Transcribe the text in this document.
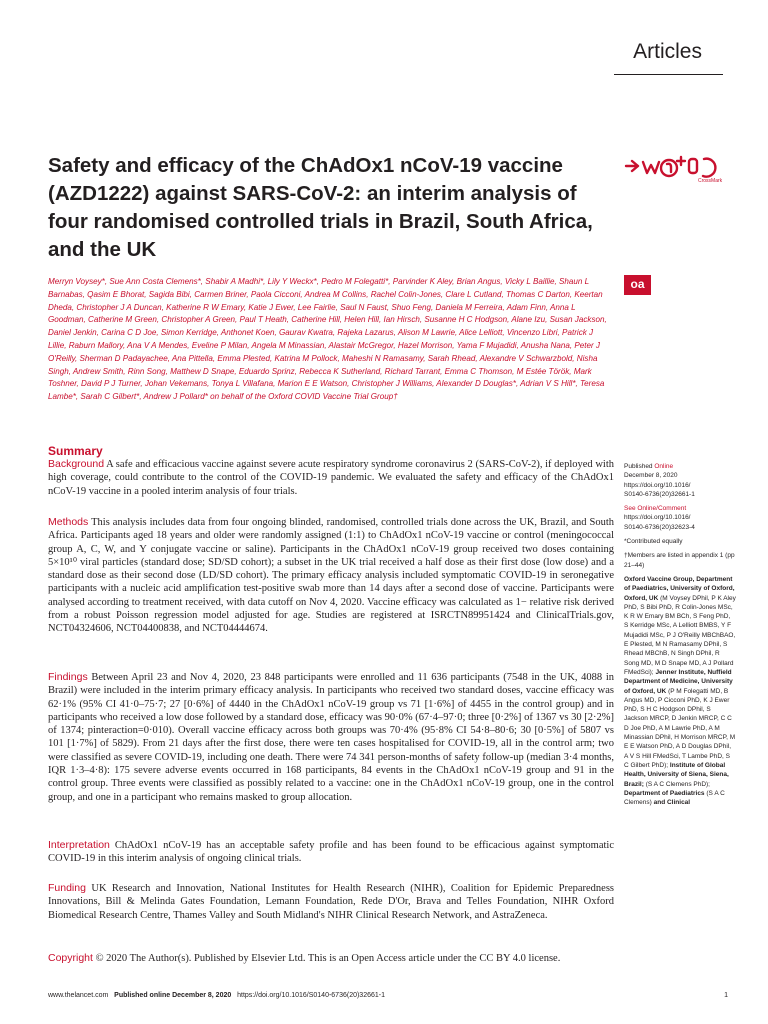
Articles
Safety and efficacy of the ChAdOx1 nCoV-19 vaccine (AZD1222) against SARS-CoV-2: an interim analysis of four randomised controlled trials in Brazil, South Africa, and the UK
CrossMark
oa

Merryn Voysey*, Sue Ann Costa Clemens*, Shabir A Madhi*, Lily Y Weckx*, Pedro M Folegatti*, Parvinder K Aley, Brian Angus, Vicky L Baillie, Shaun L Barnabas, Qasim E Bhorat, Sagida Bibi, Carmen Briner, Paola Cicconi, Andrea M Collins, Rachel Colin-Jones, Clare L Cutland, Thomas C Darton, Keertan Dheda, Christopher J A Duncan, Katherine R W Emary, Katie J Ewer, Lee Fairlie, Saul N Faust, Shuo Feng, Daniela M Ferreira, Adam Finn, Anna L Goodman, Catherine M Green, Christopher A Green, Paul T Heath, Catherine Hill, Helen Hill, Ian Hirsch, Susanne H C Hodgson, Alane Izu, Susan Jackson, Daniel Jenkin, Carina C D Joe, Simon Kerridge, Anthonet Koen, Gaurav Kwatra, Rajeka Lazarus, Alison M Lawrie, Alice Lelliott, Vincenzo Libri, Patrick J Lillie, Raburn Mallory, Ana V A Mendes, Eveline P Milan, Angela M Minassian, Alastair McGregor, Hazel Morrison, Yama F Mujadidi, Anusha Nana, Peter J O'Reilly, Sherman D Padayachee, Ana Pittella, Emma Plested, Katrina M Pollock, Maheshi N Ramasamy, Sarah Rhead, Alexandre V Schwarzbold, Nisha Singh, Andrew Smith, Rinn Song, Matthew D Snape, Eduardo Sprinz, Rebecca K Sutherland, Richard Tarrant, Emma C Thomson, M Estée Török, Mark Toshner, David P J Turner, Johan Vekemans, Tonya L Villafana, Marion E E Watson, Christopher J Williams, Alexander D Douglas*, Adrian V S Hill*, Teresa Lambe*, Sarah C Gilbert*, Andrew J Pollard* on behalf of the Oxford COVID Vaccine Trial Group†

Summary

Background A safe and efficacious vaccine against severe acute respiratory syndrome coronavirus 2 (SARS-CoV-2), if deployed with high coverage, could contribute to the control of the COVID-19 pandemic. We evaluated the safety and efficacy of the ChAdOx1 nCoV-19 vaccine in a pooled interim analysis of four trials.

Methods This analysis includes data from four ongoing blinded, randomised, controlled trials done across the UK, Brazil, and South Africa. Participants aged 18 years and older were randomly assigned (1:1) to ChAdOx1 nCoV-19 vaccine or control (meningococcal group A, C, W, and Y conjugate vaccine or saline). Participants in the ChAdOx1 nCoV-19 group received two doses containing 5×10¹⁰ viral particles (standard dose; SD/SD cohort); a subset in the UK trial received a half dose as their first dose (low dose) and a standard dose as their second dose (LD/SD cohort). The primary efficacy analysis included symptomatic COVID-19 in seronegative participants with a nucleic acid amplification test-positive swab more than 14 days after a second dose of vaccine. Participants were analysed according to treatment received, with data cutoff on Nov 4, 2020. Vaccine efficacy was calculated as 1− relative risk derived from a robust Poisson regression model adjusted for age. Studies are registered at ISRCTN89951424 and ClinicalTrials.gov, NCT04324606, NCT04400838, and NCT04444674.

Findings Between April 23 and Nov 4, 2020, 23 848 participants were enrolled and 11 636 participants (7548 in the UK, 4088 in Brazil) were included in the interim primary efficacy analysis. In participants who received two standard doses, vaccine efficacy was 62·1% (95% CI 41·0–75·7; 27 [0·6%] of 4440 in the ChAdOx1 nCoV-19 group vs 71 [1·6%] of 4455 in the control group) and in participants who received a low dose followed by a standard dose, efficacy was 90·0% (67·4–97·0; three [0·2%] of 1367 vs 30 [2·2%] of 1374; pinteraction=0·010). Overall vaccine efficacy across both groups was 70·4% (95·8% CI 54·8–80·6; 30 [0·5%] of 5807 vs 101 [1·7%] of 5829). From 21 days after the first dose, there were ten cases hospitalised for COVID-19, all in the control arm; two were classified as severe COVID-19, including one death. There were 74 341 person-months of safety follow-up (median 3·4 months, IQR 1·3–4·8): 175 severe adverse events occurred in 168 participants, 84 events in the ChAdOx1 nCoV-19 group and 91 in the control group. Three events were classified as possibly related to a vaccine: one in the ChAdOx1 nCoV-19 group, one in the control group, and one in a participant who remains masked to group allocation.

Interpretation ChAdOx1 nCoV-19 has an acceptable safety profile and has been found to be efficacious against symptomatic COVID-19 in this interim analysis of ongoing clinical trials.

Funding UK Research and Innovation, National Institutes for Health Research (NIHR), Coalition for Epidemic Preparedness Innovations, Bill & Melinda Gates Foundation, Lemann Foundation, Rede D'Or, Brava and Telles Foundation, NIHR Oxford Biomedical Research Centre, Thames Valley and South Midland's NIHR Clinical Research Network, and AstraZeneca.

Copyright © 2020 The Author(s). Published by Elsevier Ltd. This is an Open Access article under the CC BY 4.0 license.

Published Online
December 8, 2020
https://doi.org/10.1016/
S0140-6736(20)32661-1
See Online/Comment
https://doi.org/10.1016/
S0140-6736(20)32623-4
*Contributed equally
†Members are listed in appendix 1 (pp 21–44)
Oxford Vaccine Group, Department of Paediatrics, University of Oxford, Oxford, UK (M Voysey DPhil, P K Aley PhD, S Bibi PhD, R Colin-Jones MSc, K R W Emary BM BCh, S Feng PhD, S Kerridge MSc, A Lelliott BMBS, Y F Mujadidi MSc, P J O'Reilly MBChBAO, E Plested, M N Ramasamy DPhil, S Rhead MBChB, N Singh DPhil, R Song MD, M D Snape MD, A J Pollard FMedSci); Jenner Institute, Nuffield Department of Medicine, University of Oxford, UK (P M Folegatti MD, B Angus MD, P Cicconi PhD, K J Ewer PhD, S H C Hodgson DPhil, S Jackson MRCP, D Jenkin MRCP, C C D Joe PhD, A M Lawrie PhD, A M Minassian DPhil, H Morrison MRCP, M E E Watson PhD, A D Douglas DPhil, A V S Hill FMedSci, T Lambe PhD, S C Gilbert PhD); Institute of Global Health, University of Siena, Siena, Brazil; (S A C Clemens PhD); Department of Paediatrics (S A C Clemens) and Clinical
www.thelancet.com Published online December 8, 2020 https://doi.org/10.1016/S0140-6736(20)32661-1	1
